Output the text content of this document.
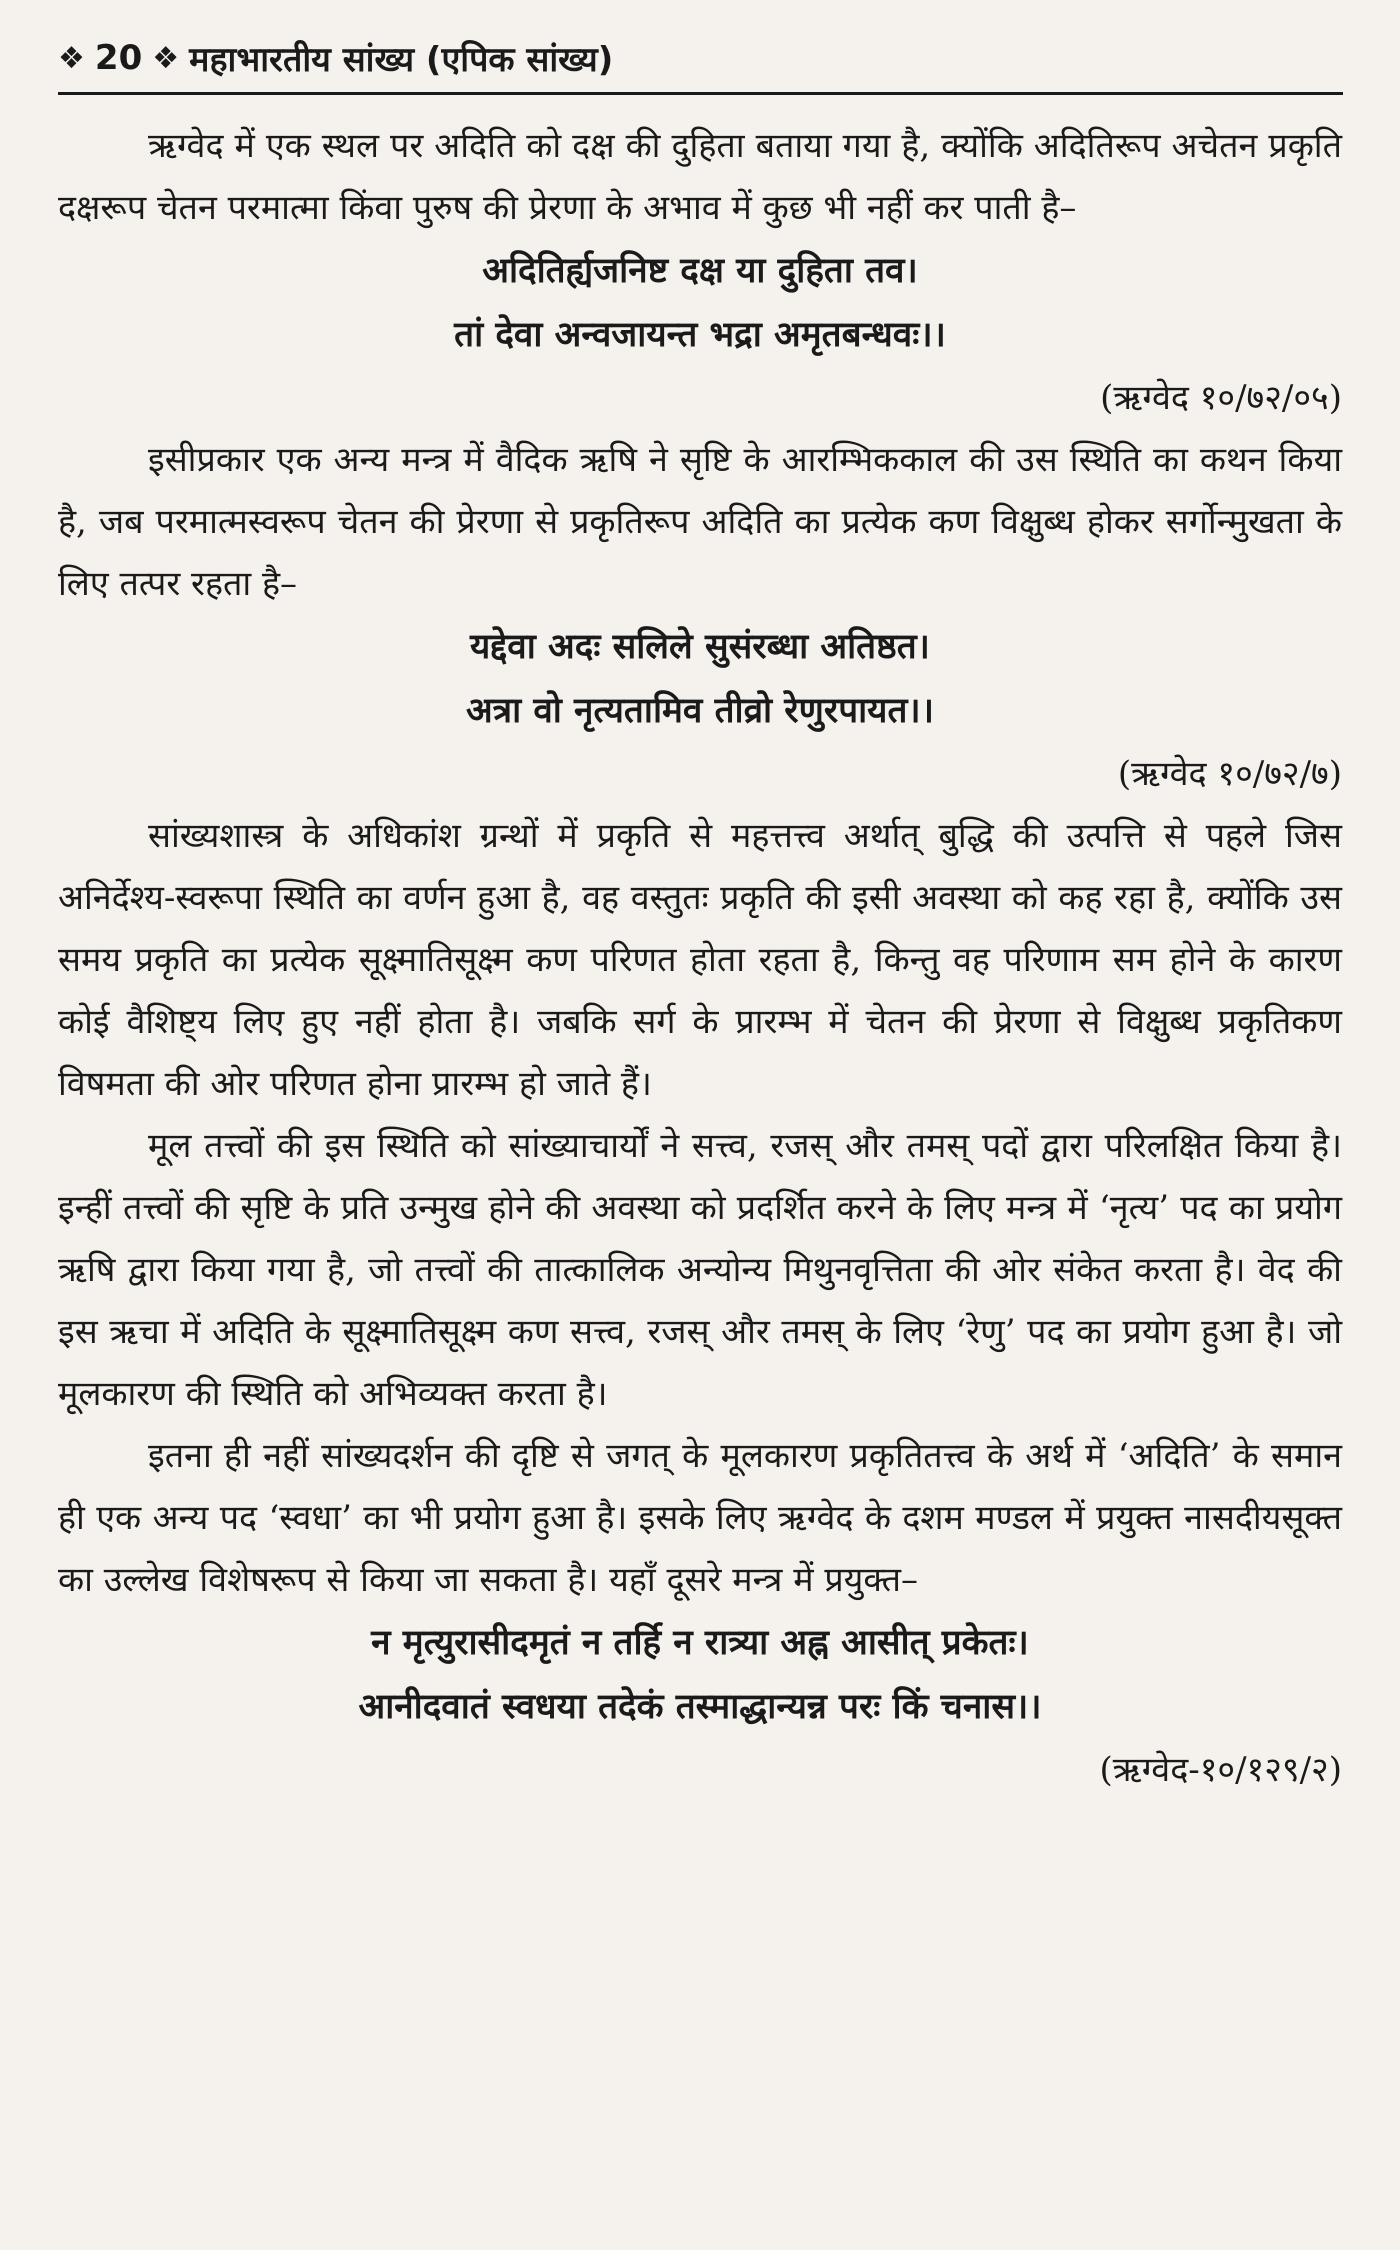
❖ 20 ❖ महाभारतीय सांख्य (एपिक सांख्य)

ऋग्वेद में एक स्थल पर अदिति को दक्ष की दुहिता बताया गया है, क्योंकि अदितिरूप अचेतन प्रकृति दक्षरूप चेतन परमात्मा किंवा पुरुष की प्रेरणा के अभाव में कुछ भी नहीं कर पाती है–

अदितिर्ह्यजनिष्ट दक्ष या दुहिता तव।
तां देवा अन्वजायन्त भद्रा अमृतबन्धवः।।

(ऋग्वेद १०/७२/०५)

इसीप्रकार एक अन्य मन्त्र में वैदिक ऋषि ने सृष्टि के आरम्भिककाल की उस स्थिति का कथन किया है, जब परमात्मस्वरूप चेतन की प्रेरणा से प्रकृतिरूप अदिति का प्रत्येक कण विक्षुब्ध होकर सर्गोन्मुखता के लिए तत्पर रहता है–

यद्देवा अदः सलिले सुसंरब्धा अतिष्ठत।
अत्रा वो नृत्यतामिव तीव्रो रेणुरपायत।।

(ऋग्वेद १०/७२/७)

सांख्यशास्त्र के अधिकांश ग्रन्थों में प्रकृति से महत्तत्त्व अर्थात् बुद्धि की उत्पत्ति से पहले जिस अनिर्देश्य-स्वरूपा स्थिति का वर्णन हुआ है, वह वस्तुतः प्रकृति की इसी अवस्था को कह रहा है, क्योंकि उस समय प्रकृति का प्रत्येक सूक्ष्मातिसूक्ष्म कण परिणत होता रहता है, किन्तु वह परिणाम सम होने के कारण कोई वैशिष्ट्य लिए हुए नहीं होता है। जबकि सर्ग के प्रारम्भ में चेतन की प्रेरणा से विक्षुब्ध प्रकृतिकण विषमता की ओर परिणत होना प्रारम्भ हो जाते हैं।

मूल तत्त्वों की इस स्थिति को सांख्याचार्यों ने सत्त्व, रजस् और तमस् पदों द्वारा परिलक्षित किया है। इन्हीं तत्त्वों की सृष्टि के प्रति उन्मुख होने की अवस्था को प्रदर्शित करने के लिए मन्त्र में ‘नृत्य’ पद का प्रयोग ऋषि द्वारा किया गया है, जो तत्त्वों की तात्कालिक अन्योन्य मिथुनवृत्तिता की ओर संकेत करता है। वेद की इस ऋचा में अदिति के सूक्ष्मातिसूक्ष्म कण सत्त्व, रजस् और तमस् के लिए ‘रेणु’ पद का प्रयोग हुआ है। जो मूलकारण की स्थिति को अभिव्यक्त करता है।

इतना ही नहीं सांख्यदर्शन की दृष्टि से जगत् के मूलकारण प्रकृतितत्त्व के अर्थ में ‘अदिति’ के समान ही एक अन्य पद ‘स्वधा’ का भी प्रयोग हुआ है। इसके लिए ऋग्वेद के दशम मण्डल में प्रयुक्त नासदीयसूक्त का उल्लेख विशेषरूप से किया जा सकता है। यहाँ दूसरे मन्त्र में प्रयुक्त–

न मृत्युरासीदमृतं न तर्हि न रात्र्या अह्न आसीत् प्रकेतः।
आनीदवातं स्वधया तदेकं तस्माद्धान्यन्न परः किं चनास।।

(ऋग्वेद-१०/१२९/२)
